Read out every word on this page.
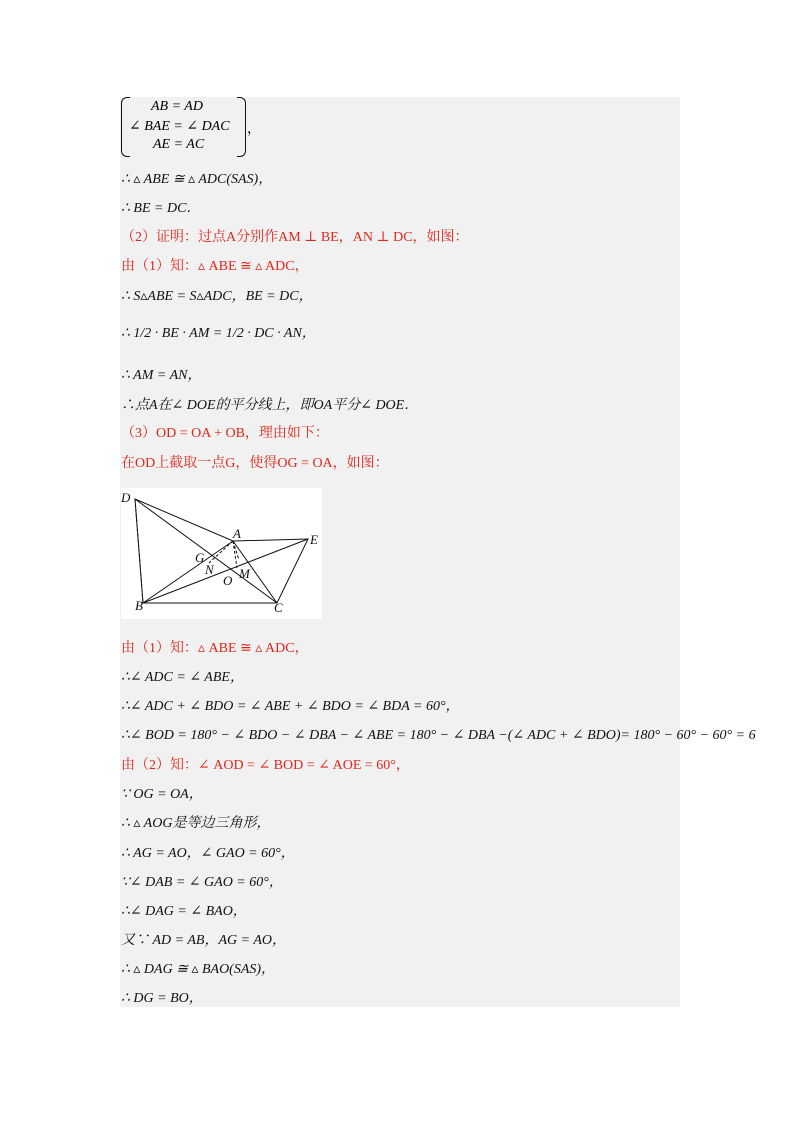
AB = AD
∠ BAE = ∠ DAC
AE = AC
，
∴ ▵ ABE ≅ ▵ ADC(SAS)，
∴ BE = DC．
（2）证明：过点A分别作AM ⊥ BE，AN ⊥ DC，如图：
由（1）知：▵ ABE ≅ ▵ ADC，
∴ S▵ABE = S▵ADC，BE = DC，
∴ 1/2 · BE · AM = 1/2 · DC · AN，
∴ AM = AN，
∴点A在∠ DOE的平分线上，即OA平分∠ DOE．
（3）OD = OA + OB，理由如下：
在OD上截取一点G，使得OG = OA，如图：
D
A	E
G
N M
O
B	C
由（1）知：▵ ABE ≅ ▵ ADC，
∴∠ ADC = ∠ ABE，
∴∠ ADC + ∠ BDO = ∠ ABE + ∠ BDO = ∠ BDA = 60°，
∴∠ BOD = 180° − ∠ BDO − ∠ DBA − ∠ ABE = 180° − ∠ DBA −(∠ ADC + ∠ BDO)= 180° − 60° − 60° = 6
由（2）知：∠ AOD = ∠ BOD = ∠ AOE = 60°，
∵ OG = OA，
∴ ▵ AOG是等边三角形，
∴ AG = AO，∠ GAO = 60°，
∵∠ DAB = ∠ GAO = 60°，
∴∠ DAG = ∠ BAO，
又∵ AD = AB，AG = AO，
∴ ▵ DAG ≅ ▵ BAO(SAS)，
∴ DG = BO，
